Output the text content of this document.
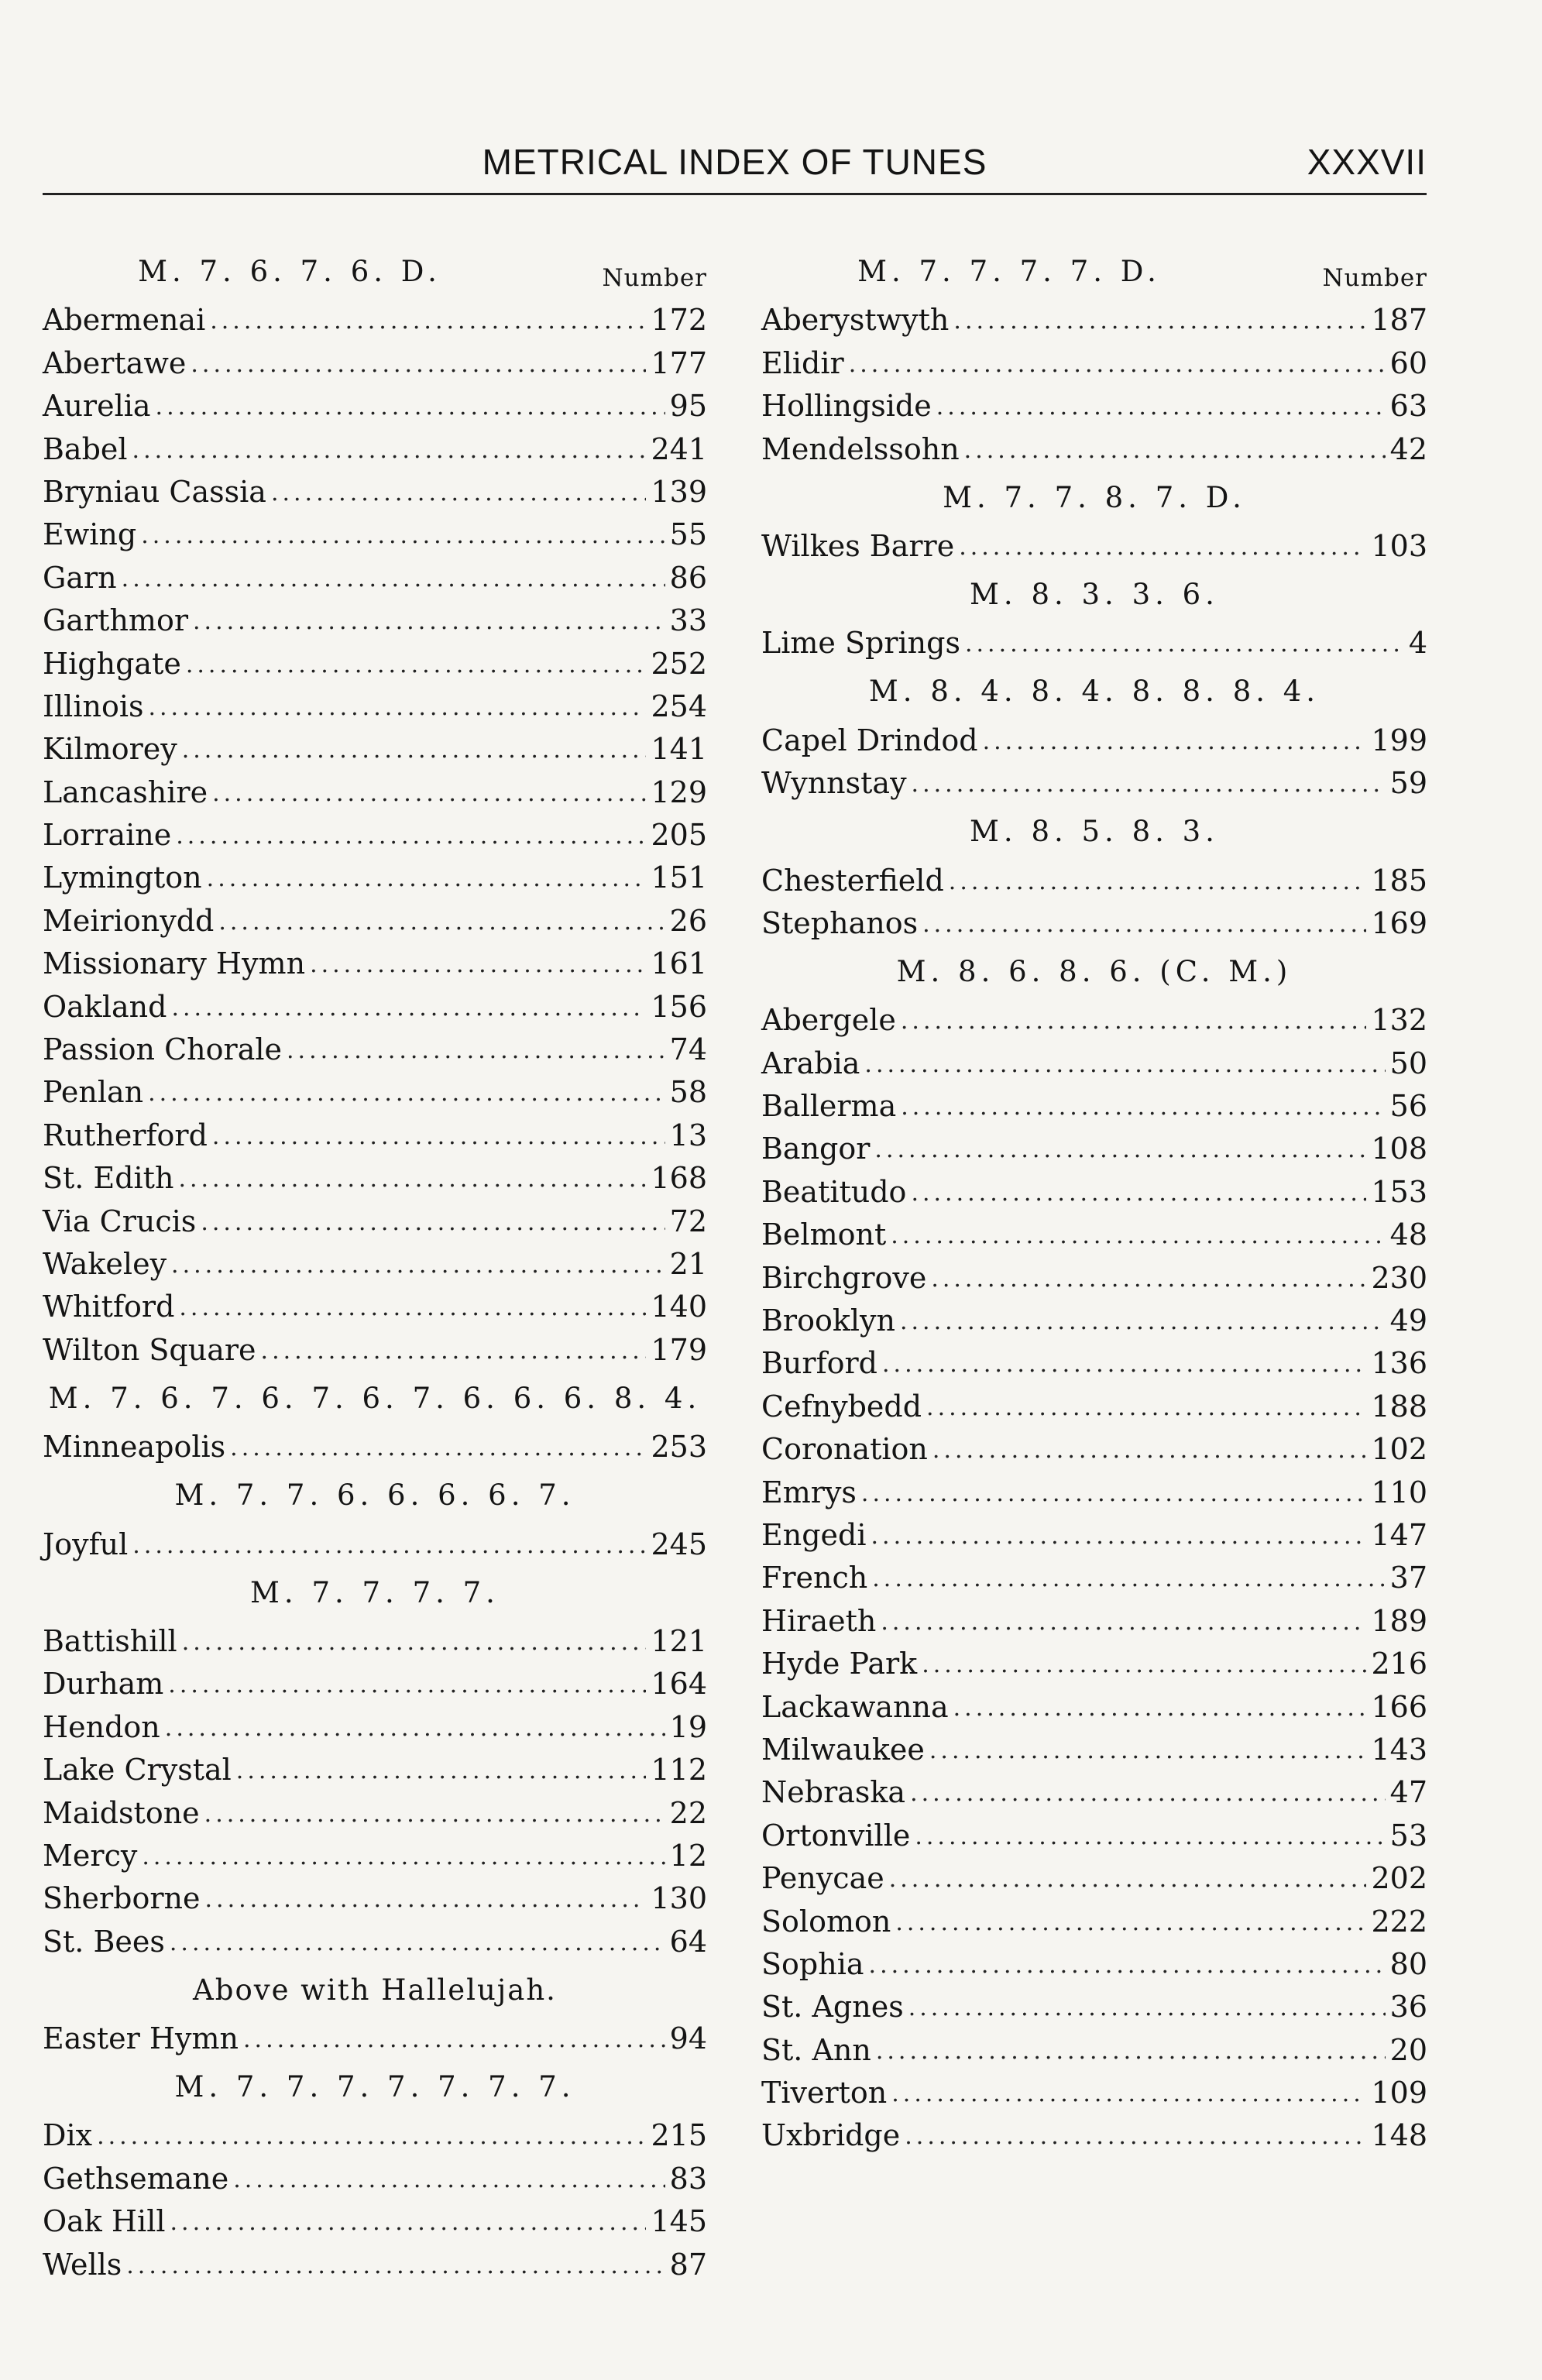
METRICAL INDEX OF TUNES	XXXVII
M. 7. 6. 7. 6. D.	Number
Abermenai .....	172
Abertawe .....	177
Aurelia .....	95
Babel .....	241
Bryniau Cassia .....	139
Ewing .....	55
Garn .....	86
Garthmor .....	33
Highgate .....	252
Illinois .....	254
Kilmorey .....	141
Lancashire .....	129
Lorraine .....	205
Lymington .....	151
Meirionydd .....	26
Missionary Hymn .....	161
Oakland .....	156
Passion Chorale .....	74
Penlan .....	58
Rutherford .....	13
St. Edith .....	168
Via Crucis .....	72
Wakeley .....	21
Whitford .....	140
Wilton Square .....	179
M. 7. 6. 7. 6. 7. 6. 7. 6. 6. 6. 8. 4.
Minneapolis .....	253
M. 7. 7. 6. 6. 6. 6. 7.
Joyful .....	245
M. 7. 7. 7. 7.
Battishill .....	121
Durham .....	164
Hendon .....	19
Lake Crystal .....	112
Maidstone .....	22
Mercy .....	12
Sherborne .....	130
St. Bees .....	64
Above with Hallelujah.
Easter Hymn .....	94
M. 7. 7. 7. 7. 7. 7. 7.
Dix .....	215
Gethsemane .....	83
Oak Hill .....	145
Wells .....	87
M. 7. 7. 7. 7. D.	Number
Aberystwyth .....	187
Elidir .....	60
Hollingside .....	63
Mendelssohn .....	42
M. 7. 7. 8. 7. D.
Wilkes Barre .....	103
M. 8. 3. 3. 6.
Lime Springs .....	4
M. 8. 4. 8. 4. 8. 8. 8. 4.
Capel Drindod .....	199
Wynnstay .....	59
M. 8. 5. 8. 3.
Chesterfield .....	185
Stephanos .....	169
M. 8. 6. 8. 6. (C. M.)
Abergele .....	132
Arabia .....	50
Ballerma .....	56
Bangor .....	108
Beatitudo .....	153
Belmont .....	48
Birchgrove .....	230
Brooklyn .....	49
Burford .....	136
Cefnybedd .....	188
Coronation .....	102
Emrys .....	110
Engedi .....	147
French .....	37
Hiraeth .....	189
Hyde Park .....	216
Lackawanna .....	166
Milwaukee .....	143
Nebraska .....	47
Ortonville .....	53
Penycae .....	202
Solomon .....	222
Sophia .....	80
St. Agnes .....	36
St. Ann .....	20
Tiverton .....	109
Uxbridge .....	148
